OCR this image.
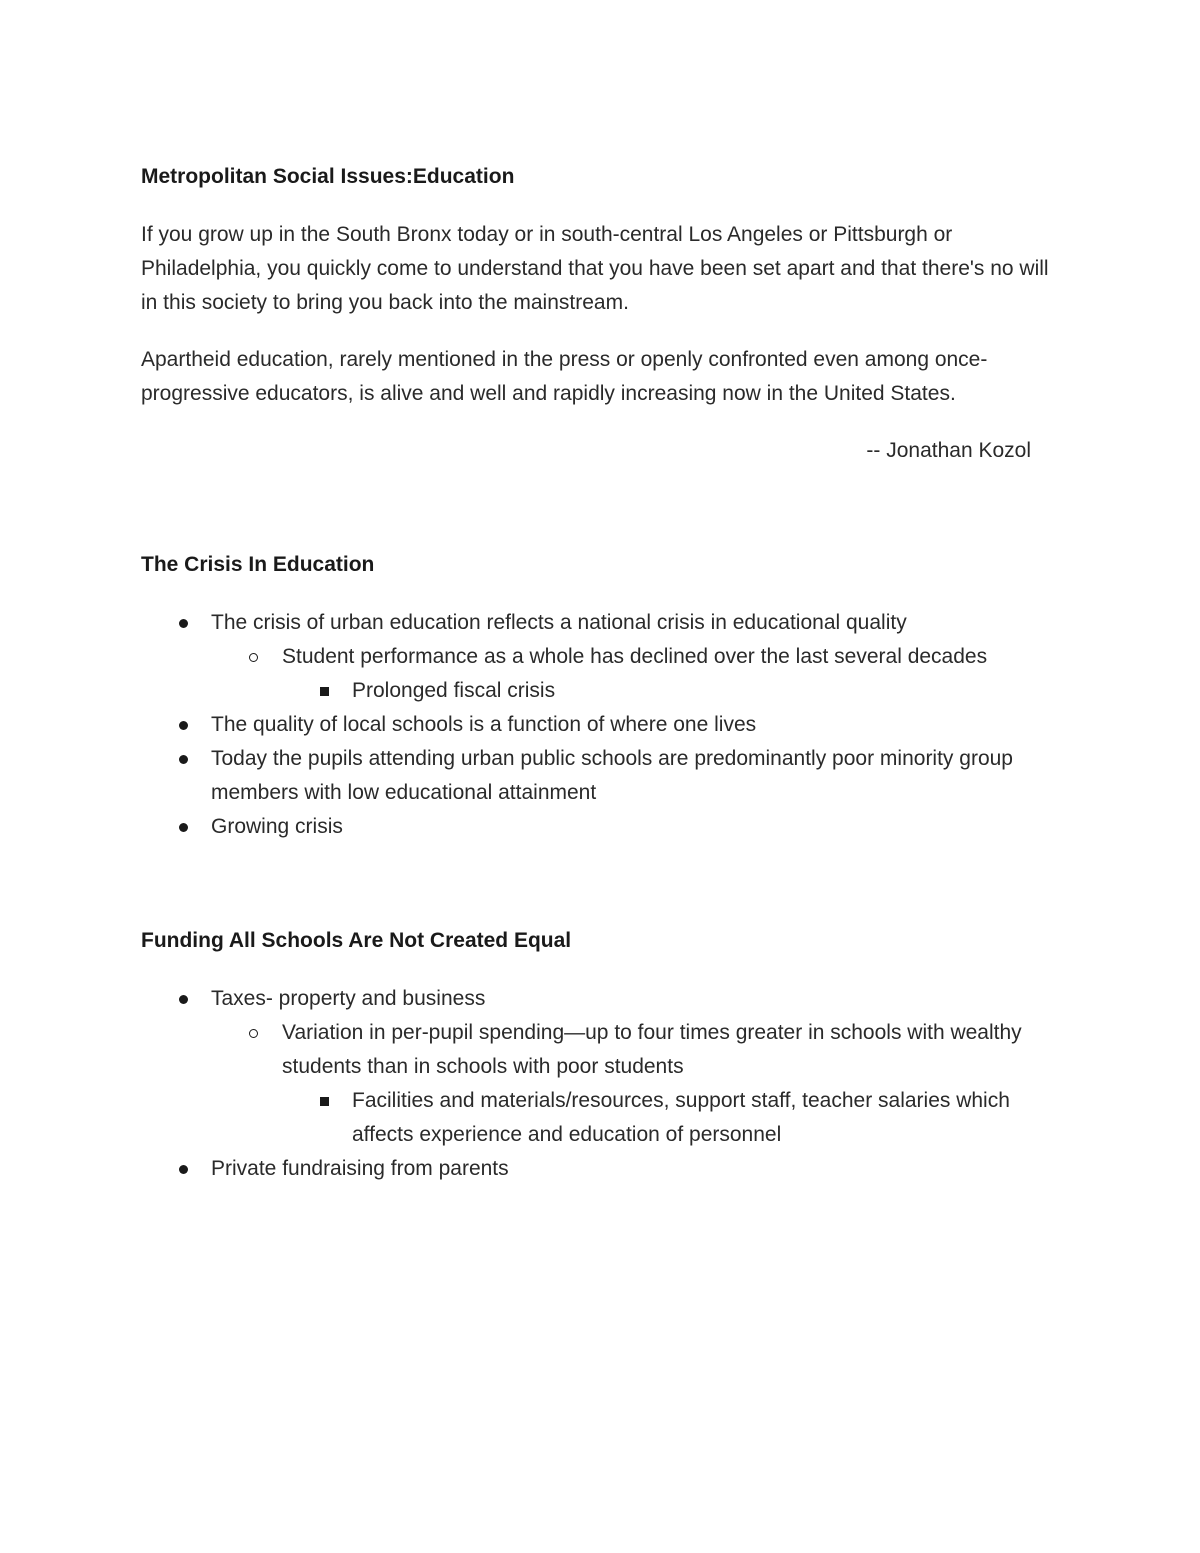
Metropolitan Social Issues:Education

If you grow up in the South Bronx today or in south-central Los Angeles or Pittsburgh or Philadelphia, you quickly come to understand that you have been set apart and that there's no will in this society to bring you back into the mainstream.

Apartheid education, rarely mentioned in the press or openly confronted even among once-progressive educators, is alive and well and rapidly increasing now in the United States.

-- Jonathan Kozol

The Crisis In Education
The crisis of urban education reflects a national crisis in educational quality
Student performance as a whole has declined over the last several decades
Prolonged fiscal crisis
The quality of local schools is a function of where one lives
Today the pupils attending urban public schools are predominantly poor minority group members with low educational attainment
Growing crisis
Funding All Schools Are Not Created Equal
Taxes- property and business
Variation in per-pupil spending—up to four times greater in schools with wealthy students than in schools with poor students
Facilities and materials/resources, support staff, teacher salaries which affects experience and education of personnel
Private fundraising from parents
